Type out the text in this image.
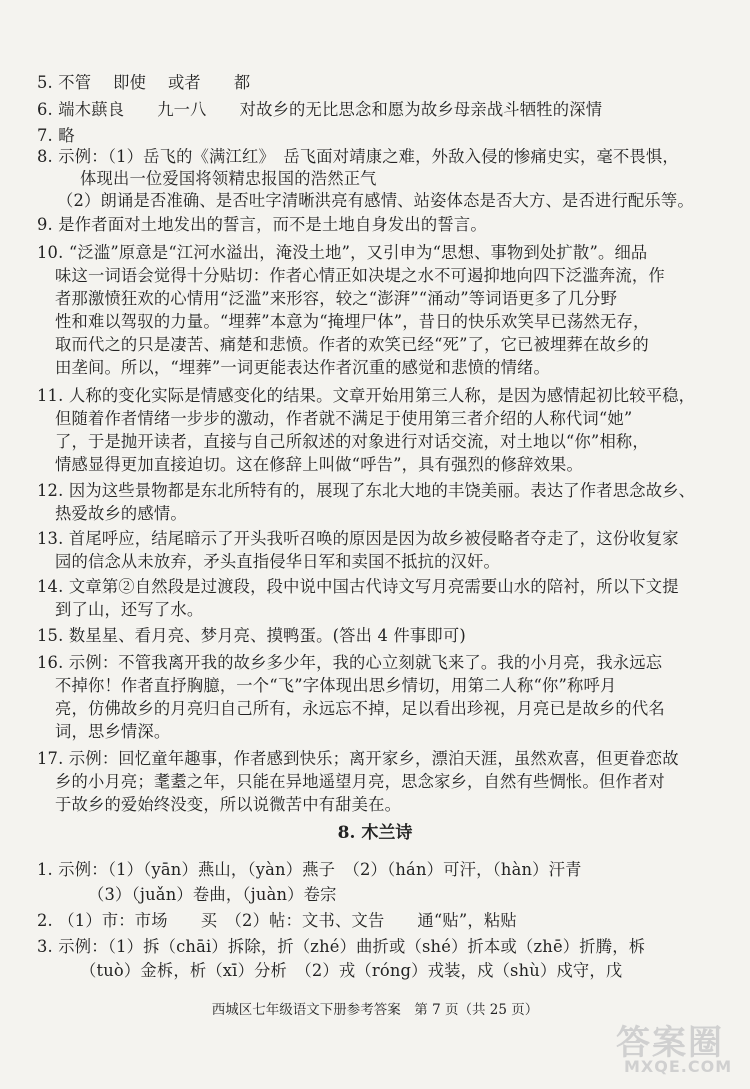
5. 不管　 即使　 或者　　都
6. 端木蕻良　　九一八　　对故乡的无比思念和愿为故乡母亲战斗牺牲的深情
7. 略
8. 示例：（1）岳飞的《满江红》　岳飞面对靖康之难，外敌入侵的惨痛史实，毫不畏惧，
体现出一位爱国将领精忠报国的浩然正气
（2）朗诵是否准确、是否吐字清晰洪亮有感情、站姿体态是否大方、是否进行配乐等。
9. 是作者面对土地发出的誓言，而不是土地自身发出的誓言。
10. “泛滥”原意是“江河水溢出，淹没土地”，又引申为“思想、事物到处扩散”。细品
味这一词语会觉得十分贴切：作者心情正如决堤之水不可遏抑地向四下泛滥奔流，作
者那激愤狂欢的心情用“泛滥”来形容，较之“澎湃”“涌动”等词语更多了几分野
性和难以驾驭的力量。“埋葬”本意为“掩埋尸体”，昔日的快乐欢笑早已荡然无存，
取而代之的只是凄苦、痛楚和悲愤。作者的欢笑已经“死”了，它已被埋葬在故乡的
田垄间。所以，“埋葬”一词更能表达作者沉重的感觉和悲愤的情绪。
11. 人称的变化实际是情感变化的结果。文章开始用第三人称，是因为感情起初比较平稳，
但随着作者情绪一步步的激动，作者就不满足于使用第三者介绍的人称代词“她”
了，于是抛开读者，直接与自己所叙述的对象进行对话交流，对土地以“你”相称，
情感显得更加直接迫切。这在修辞上叫做“呼告”，具有强烈的修辞效果。
12. 因为这些景物都是东北所特有的，展现了东北大地的丰饶美丽。表达了作者思念故乡、
热爱故乡的感情。
13. 首尾呼应，结尾暗示了开头我听召唤的原因是因为故乡被侵略者夺走了，这份收复家
园的信念从未放弃，矛头直指侵华日军和卖国不抵抗的汉奸。
14. 文章第②自然段是过渡段，段中说中国古代诗文写月亮需要山水的陪衬，所以下文提
到了山，还写了水。
15. 数星星、看月亮、梦月亮、摸鸭蛋。(答出 4 件事即可)
16. 示例：不管我离开我的故乡多少年，我的心立刻就飞来了。我的小月亮，我永远忘
不掉你！作者直抒胸臆，一个“飞”字体现出思乡情切，用第二人称“你”称呼月
亮，仿佛故乡的月亮归自己所有，永远忘不掉，足以看出珍视，月亮已是故乡的代名
词，思乡情深。
17. 示例：回忆童年趣事，作者感到快乐；离开家乡，漂泊天涯，虽然欢喜，但更眷恋故
乡的小月亮；耄耋之年，只能在异地遥望月亮，思念家乡，自然有些惆怅。但作者对
于故乡的爱始终没变，所以说微苦中有甜美在。
8. 木兰诗
1. 示例：（1）（yān）燕山，（yàn）燕子　（2）（hán）可汗，（hàn）汗青
（3）（juǎn）卷曲，（juàn）卷宗
2. （1）市：市场　　买　（2）帖：文书、文告　　通“贴”，粘贴
3. 示例：（1）拆（chāi）拆除，折（zhé）曲折或（shé）折本或（zhē）折腾，柝
（tuò）金柝，析（xī）分析　（2）戎（róng）戎装，戍（shù）戍守，戊
西城区七年级语文下册参考答案　第 7 页（共 25 页）
答案圈
MXQE.COM
